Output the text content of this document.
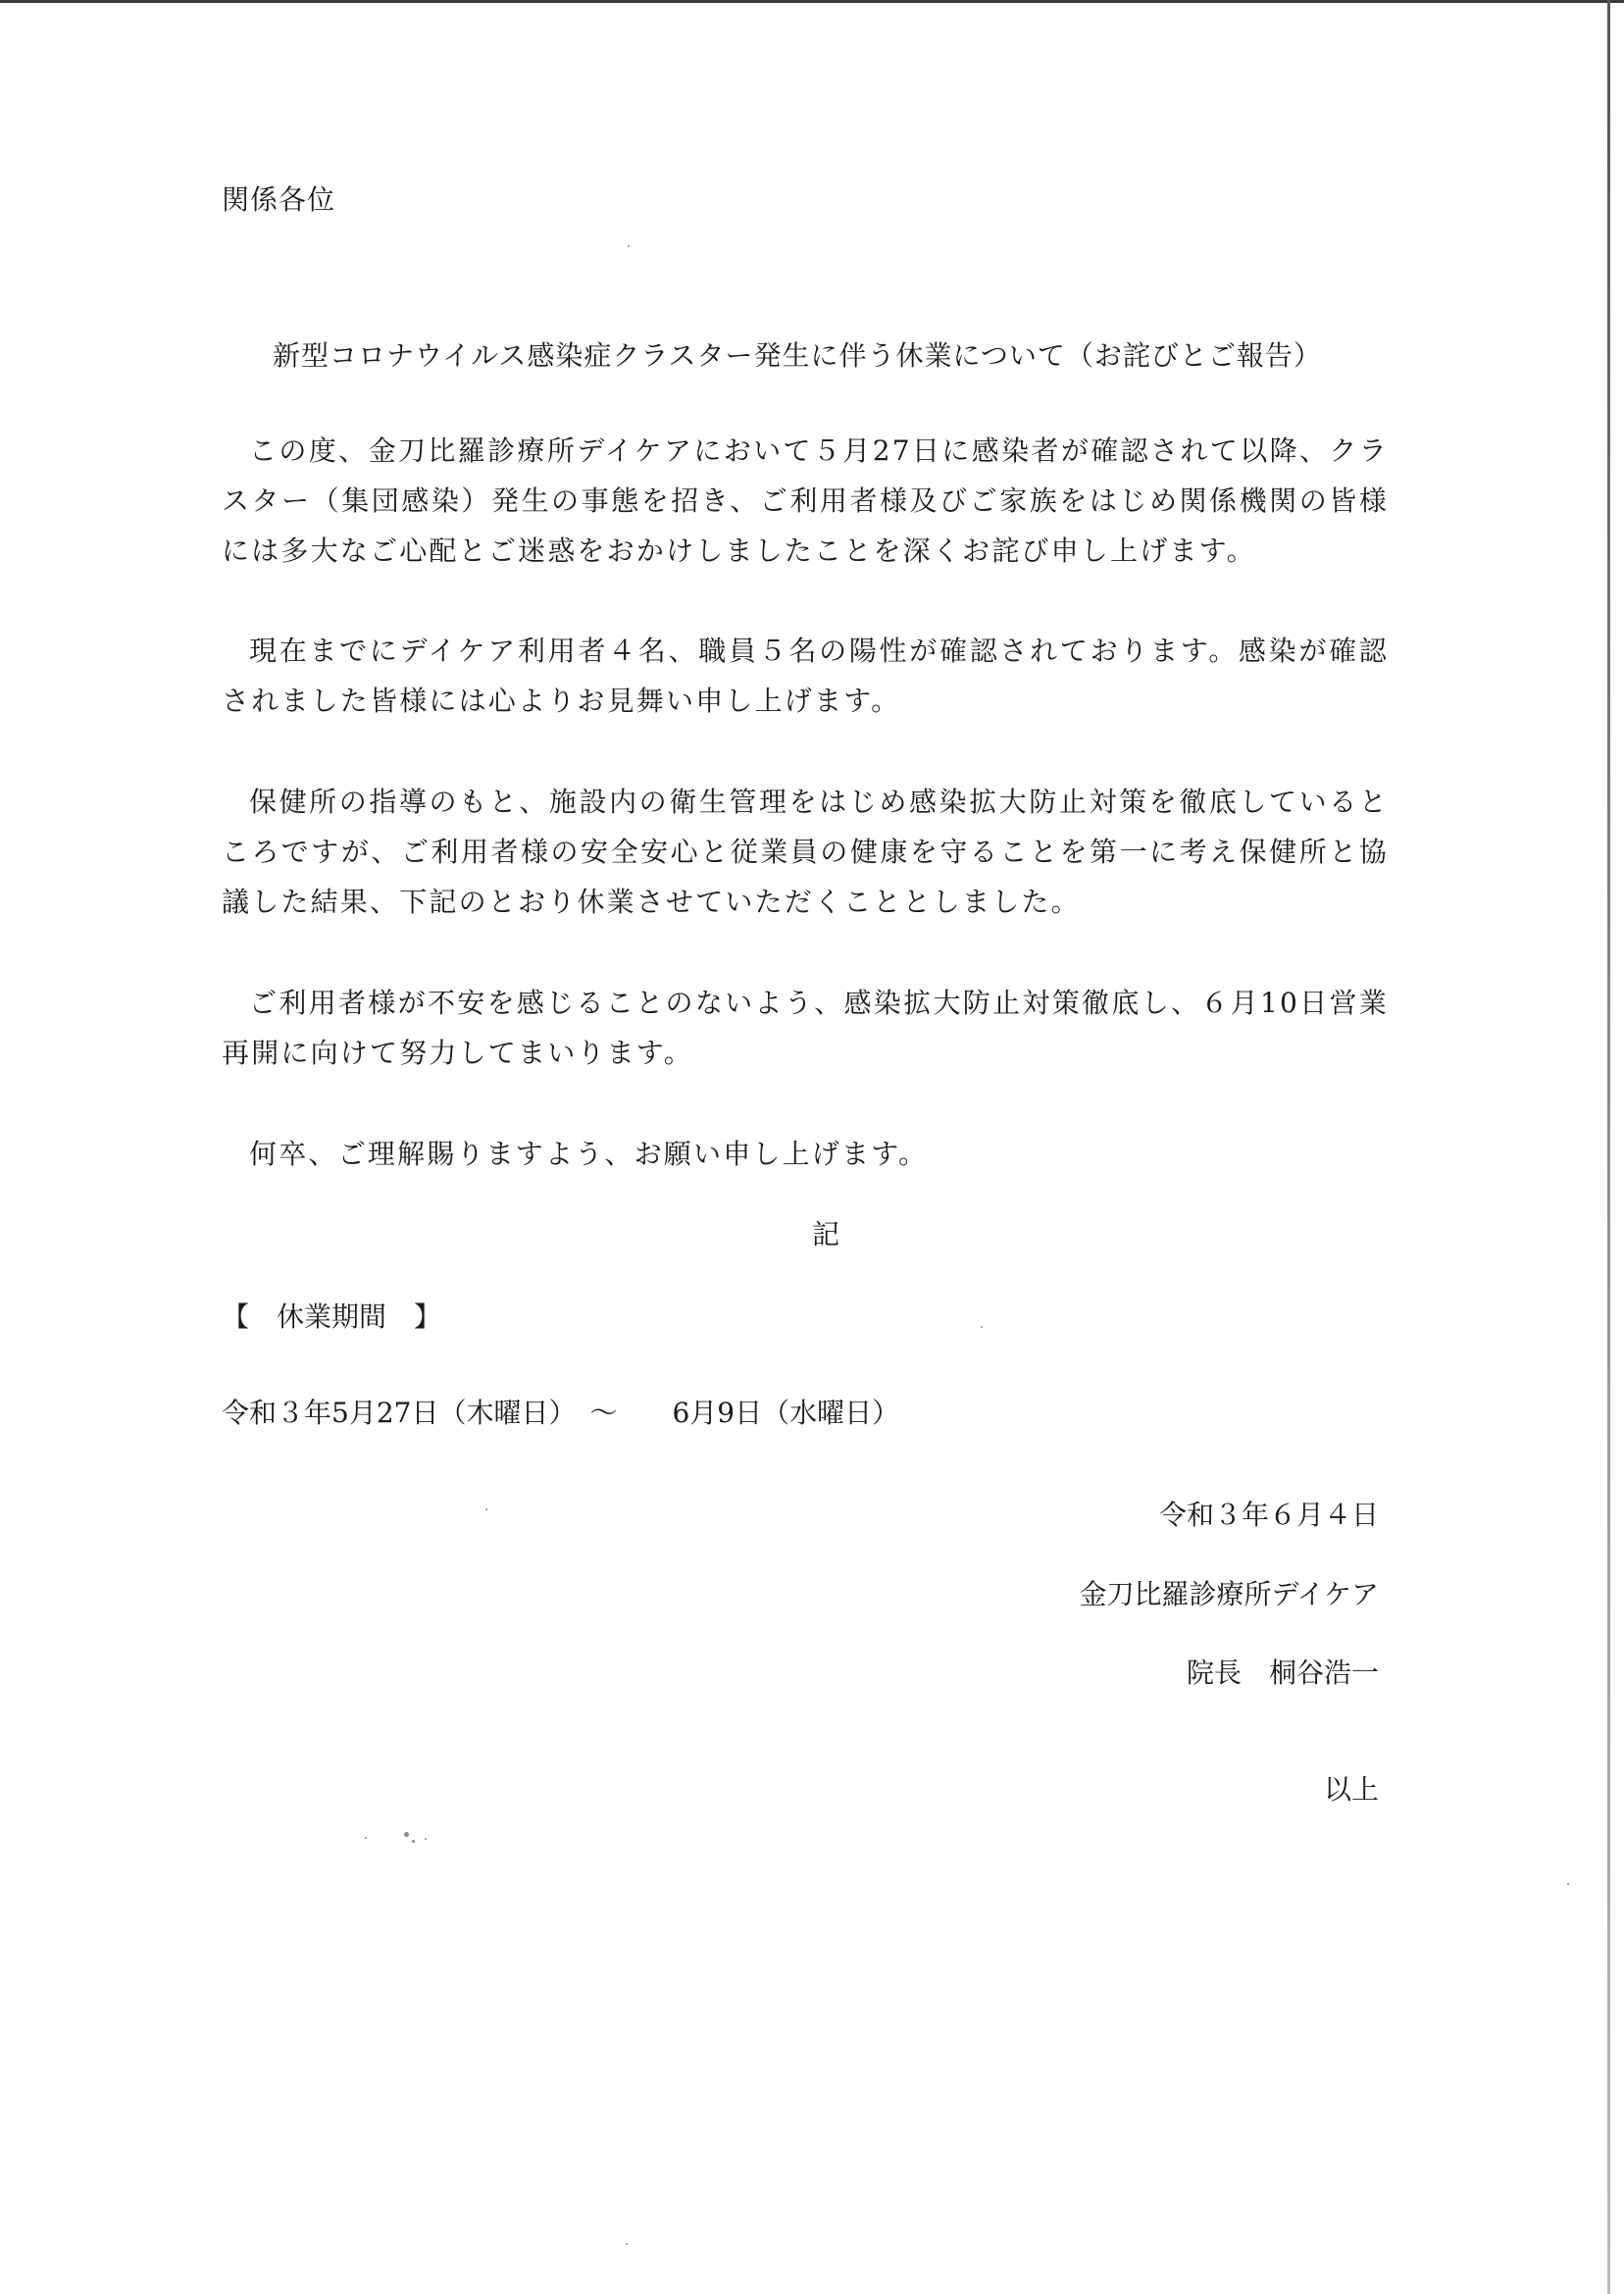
関係各位

新型コロナウイルス感染症クラスター発生に伴う休業について（お詫びとご報告）

この度、金刀比羅診療所デイケアにおいて５月27日に感染者が確認されて以降、クラスター（集団感染）発生の事態を招き、ご利用者様及びご家族をはじめ関係機関の皆様には多大なご心配とご迷惑をおかけしましたことを深くお詫び申し上げます。

現在までにデイケア利用者４名、職員５名の陽性が確認されております。感染が確認されました皆様には心よりお見舞い申し上げます。

保健所の指導のもと、施設内の衛生管理をはじめ感染拡大防止対策を徹底しているところですが、ご利用者様の安全安心と従業員の健康を守ることを第一に考え保健所と協議した結果、下記のとおり休業させていただくこととしました。

ご利用者様が不安を感じることのないよう、感染拡大防止対策徹底し、６月10日営業再開に向けて努力してまいります。

何卒、ご理解賜りますよう、お願い申し上げます。

記

【　休業期間　】

令和３年5月27日（木曜日）　～　　6月9日（水曜日）

令和３年６月４日
金刀比羅診療所デイケア
院長　桐谷浩一

以上
